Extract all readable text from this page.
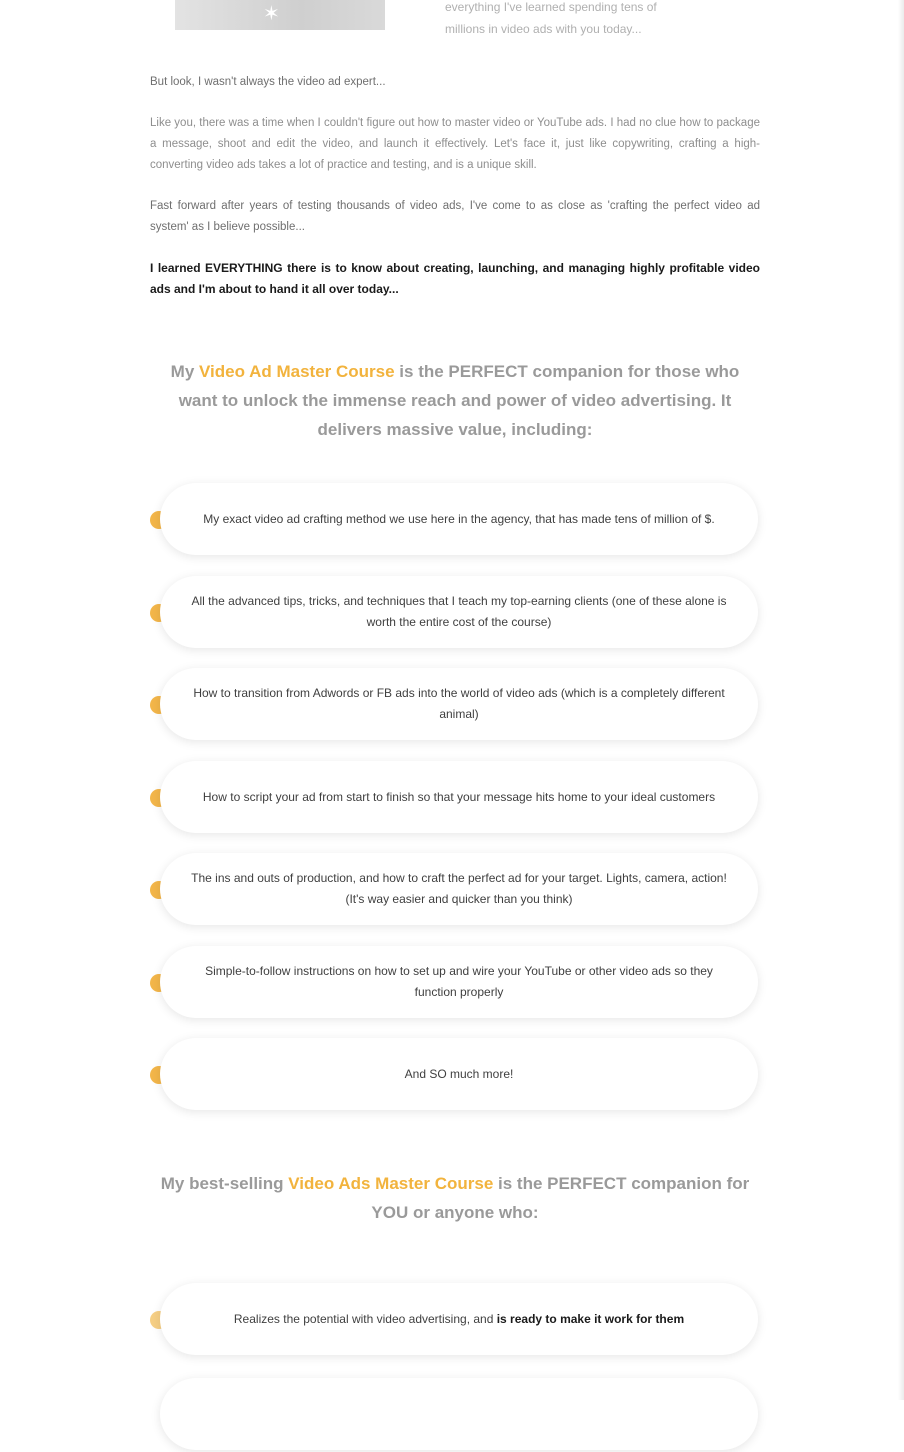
✶	everything I've learned spending tens of

millions in video ads with you today...

But look, I wasn't always the video ad expert...

Like you, there was a time when I couldn't figure out how to master video or YouTube ads. I had no clue how to package a message, shoot and edit the video, and launch it effectively. Let's face it, just like copywriting, crafting a high-converting video ads takes a lot of practice and testing, and is a unique skill.

Fast forward after years of testing thousands of video ads, I've come to as close as 'crafting the perfect video ad system' as I believe possible...

I learned EVERYTHING there is to know about creating, launching, and managing highly profitable video ads and I'm about to hand it all over today...

My Video Ad Master Course is the PERFECT companion for those who want to unlock the immense reach and power of video advertising. It delivers massive value, including:
My exact video ad crafting method we use here in the agency, that has made tens of million of $.
All the advanced tips, tricks, and techniques that I teach my top-earning clients (one of these alone is worth the entire cost of the course)
How to transition from Adwords or FB ads into the world of video ads (which is a completely different animal)
How to script your ad from start to finish so that your message hits home to your ideal customers
The ins and outs of production, and how to craft the perfect ad for your target. Lights, camera, action! (It's way easier and quicker than you think)
Simple-to-follow instructions on how to set up and wire your YouTube or other video ads so they function properly
And SO much more!
My best-selling Video Ads Master Course is the PERFECT companion for YOU or anyone who:
Realizes the potential with video advertising, and is ready to make it work for them
